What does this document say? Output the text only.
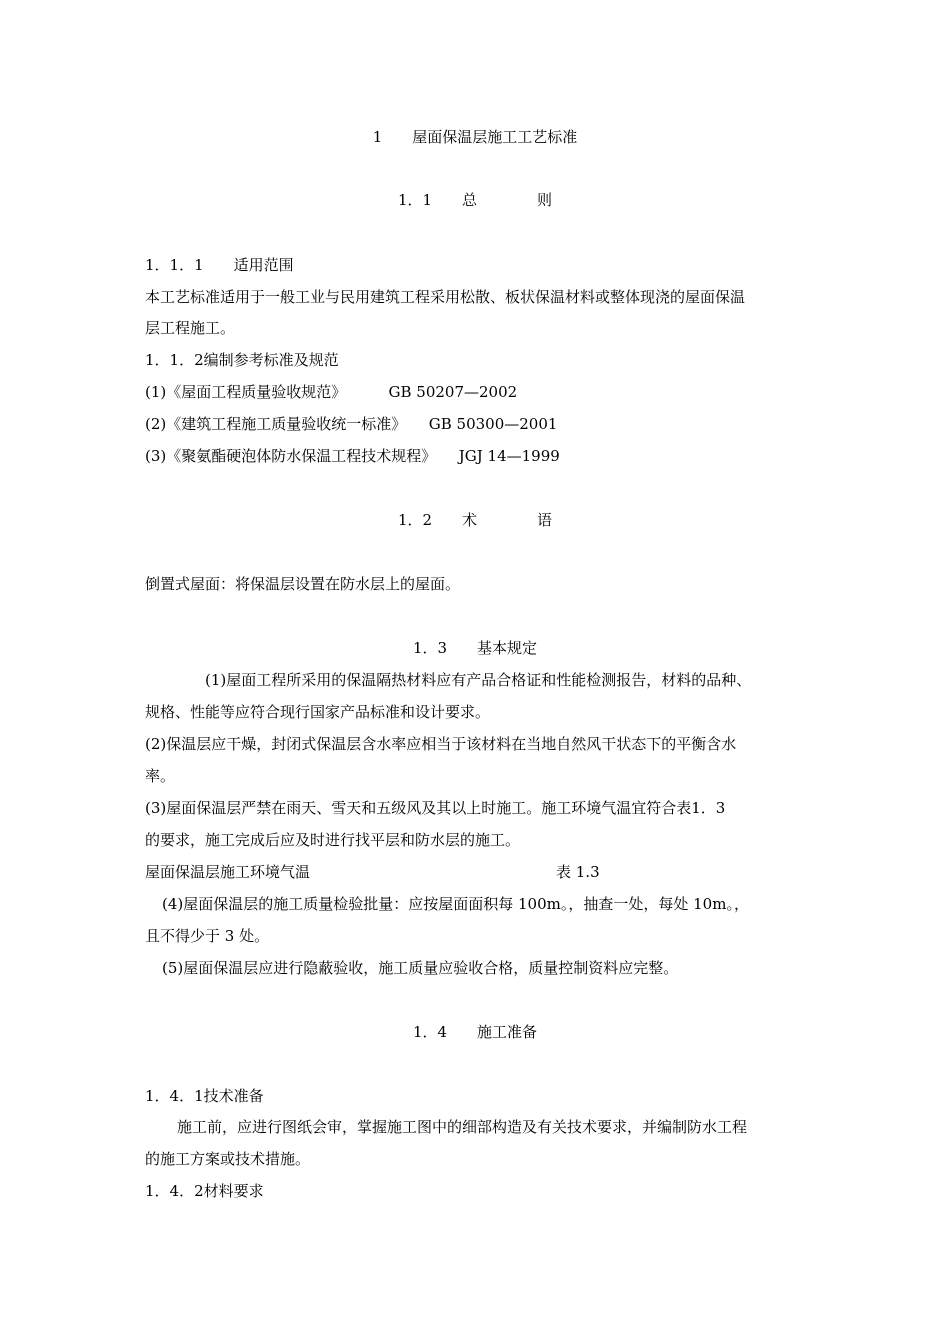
1　　屋面保温层施工工艺标准
1．1　　总　　　　则
1．1．1　　适用范围
本工艺标准适用于一般工业与民用建筑工程采用松散、板状保温材料或整体现浇的屋面保温
层工程施工。
1．1．2编制参考标准及规范
(1)《屋面工程质量验收规范》　　　 GB 50207—2002
(2)《建筑工程施工质量验收统一标准》　　GB 50300—2001
(3)《聚氨酯硬泡体防水保温工程技术规程》　　JGJ 14—1999
1．2　　术　　　　语
倒置式屋面：将保温层设置在防水层上的屋面。
1．3　　基本规定
(1)屋面工程所采用的保温隔热材料应有产品合格证和性能检测报告，材料的品种、
规格、性能等应符合现行国家产品标准和设计要求。
(2)保温层应干燥，封闭式保温层含水率应相当于该材料在当地自然风干状态下的平衡含水
率。
(3)屋面保温层严禁在雨天、雪天和五级风及其以上时施工。施工环境气温宜符合表1．3
的要求，施工完成后应及时进行找平层和防水层的施工。
屋面保温层施工环境气温	表 1.3
(4)屋面保温层的施工质量检验批量：应按屋面面积每 100m。，抽查一处，每处 10m。，
且不得少于 3 处。
(5)屋面保温层应进行隐蔽验收，施工质量应验收合格，质量控制资料应完整。
1．4　　施工准备
1．4．1技术准备
施工前，应进行图纸会审，掌握施工图中的细部构造及有关技术要求，并编制防水工程
的施工方案或技术措施。
1．4．2材料要求
